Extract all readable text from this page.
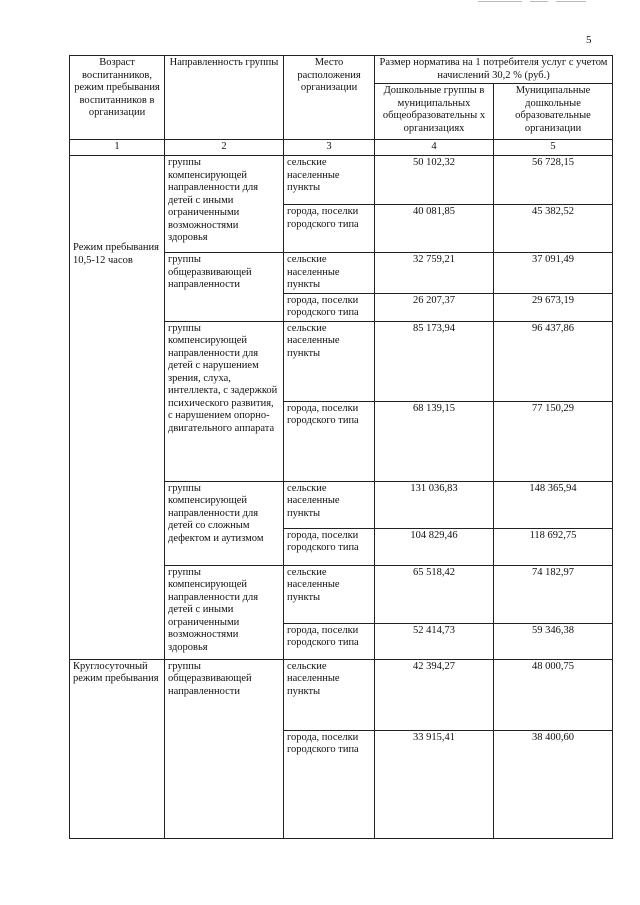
5
Возраст воспитанников, режим пребывания воспитанников в организации	Направленность группы	Место расположения организации	Размер норматива на 1 потребителя услуг с учетом начислений 30,2 % (руб.)	
			Дошкольные группы в муниципальных общеобразовательны х организациях	Муниципальные дошкольные образовательные организации
1	2	3	4	5

Режим пребывания 10,5-12 часов	группы компенсирующей направленности для детей с иными ограниченными возможностями здоровья	сельские населенные пункты	50 102,32	56 728,15
		города, поселки городского типа	40 081,85	45 382,52
	группы общеразвивающей направленности	сельские населенные пункты	32 759,21	37 091,49
		города, поселки городского типа	26 207,37	29 673,19
	группы компенсирующей направленности для детей с нарушением зрения, слуха, интеллекта, с задержкой психического развития, с нарушением опорно-двигательного аппарата	сельские населенные пункты	85 173,94	96 437,86
		города, поселки городского типа	68 139,15	77 150,29
	группы компенсирующей направленности для детей со сложным дефектом и аутизмом	сельские населенные пункты	131 036,83	148 365,94
		города, поселки городского типа	104 829,46	118 692,75
	группы компенсирующей направленности для детей с иными ограниченными возможностями здоровья	сельские населенные пункты	65 518,42	74 182,97
		города, поселки городского типа	52 414,73	59 346,38
Круглосуточный режим пребывания	группы общеразвивающей направленности	сельские населенные пункты	42 394,27	48 000,75
		города, поселки городского типа	33 915,41	38 400,60
